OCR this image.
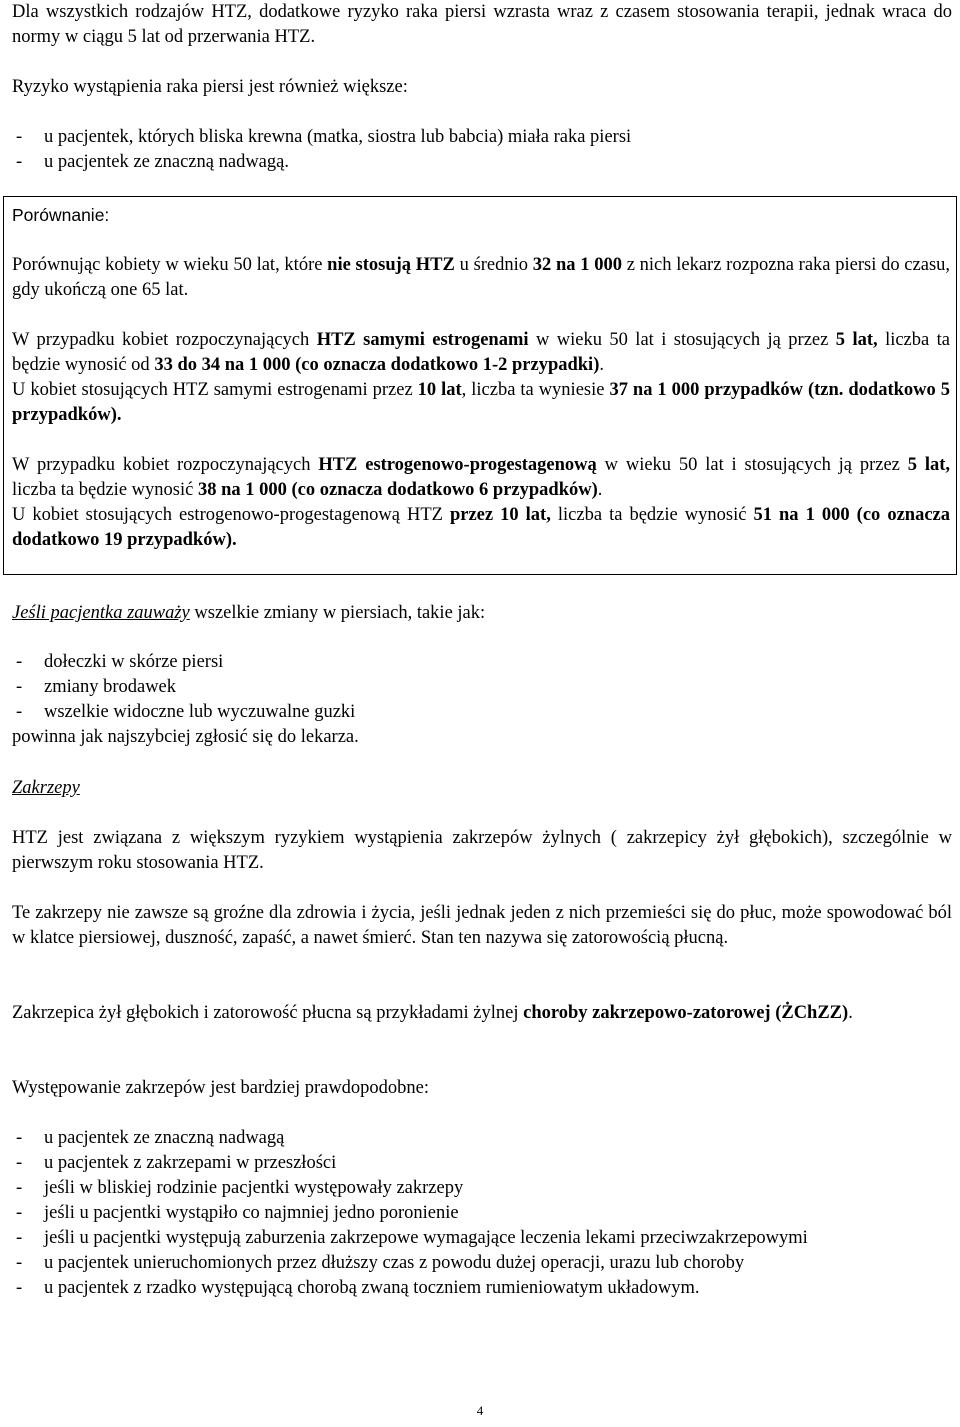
Dla wszystkich rodzajów HTZ, dodatkowe ryzyko raka piersi wzrasta wraz z czasem stosowania terapii, jednak wraca do normy w ciągu 5 lat od przerwania HTZ.

Ryzyko wystąpienia raka piersi jest również większe:

-	u pacjentek, których bliska krewna (matka, siostra lub babcia) miała raka piersi
-	u pacjentek ze znaczną nadwagą.

Porównanie:

Porównując kobiety w wieku 50 lat, które nie stosują HTZ u średnio 32 na 1 000 z nich lekarz rozpozna raka piersi do czasu, gdy ukończą one 65 lat.

W przypadku kobiet rozpoczynających HTZ samymi estrogenami w wieku 50 lat i stosujących ją przez 5 lat, liczba ta będzie wynosić od 33 do 34 na 1 000 (co oznacza dodatkowo 1-2 przypadki).

U kobiet stosujących HTZ samymi estrogenami przez 10 lat, liczba ta wyniesie 37 na 1 000 przypadków (tzn. dodatkowo 5 przypadków).

W przypadku kobiet rozpoczynających HTZ estrogenowo-progestagenową w wieku 50 lat i stosujących ją przez 5 lat, liczba ta będzie wynosić 38 na 1 000 (co oznacza dodatkowo 6 przypadków).

U kobiet stosujących estrogenowo-progestagenową HTZ przez 10 lat, liczba ta będzie wynosić 51 na 1 000 (co oznacza dodatkowo 19 przypadków).

Jeśli pacjentka zauważy wszelkie zmiany w piersiach, takie jak:

-	dołeczki w skórze piersi
-	zmiany brodawek
-	wszelkie widoczne lub wyczuwalne guzki

powinna jak najszybciej zgłosić się do lekarza.

Zakrzepy

HTZ jest związana z większym ryzykiem wystąpienia zakrzepów żylnych ( zakrzepicy żył głębokich), szczególnie w pierwszym roku stosowania HTZ.

Te zakrzepy nie zawsze są groźne dla zdrowia i życia, jeśli jednak jeden z nich przemieści się do płuc, może spowodować ból w klatce piersiowej, duszność, zapaść, a nawet śmierć. Stan ten nazywa się zatorowością płucną.

Zakrzepica żył głębokich i zatorowość płucna są przykładami żylnej choroby zakrzepowo-zatorowej (ŻChZZ).

Występowanie zakrzepów jest bardziej prawdopodobne:

-	u pacjentek ze znaczną nadwagą
-	u pacjentek z zakrzepami w przeszłości
-	jeśli w bliskiej rodzinie pacjentki występowały zakrzepy
-	jeśli u pacjentki wystąpiło co najmniej jedno poronienie
-	jeśli u pacjentki występują zaburzenia zakrzepowe wymagające leczenia lekami przeciwzakrzepowymi
-	u pacjentek unieruchomionych przez dłuższy czas z powodu dużej operacji, urazu lub choroby
-	u pacjentek z rzadko występującą chorobą zwaną toczniem rumieniowatym układowym.
4
